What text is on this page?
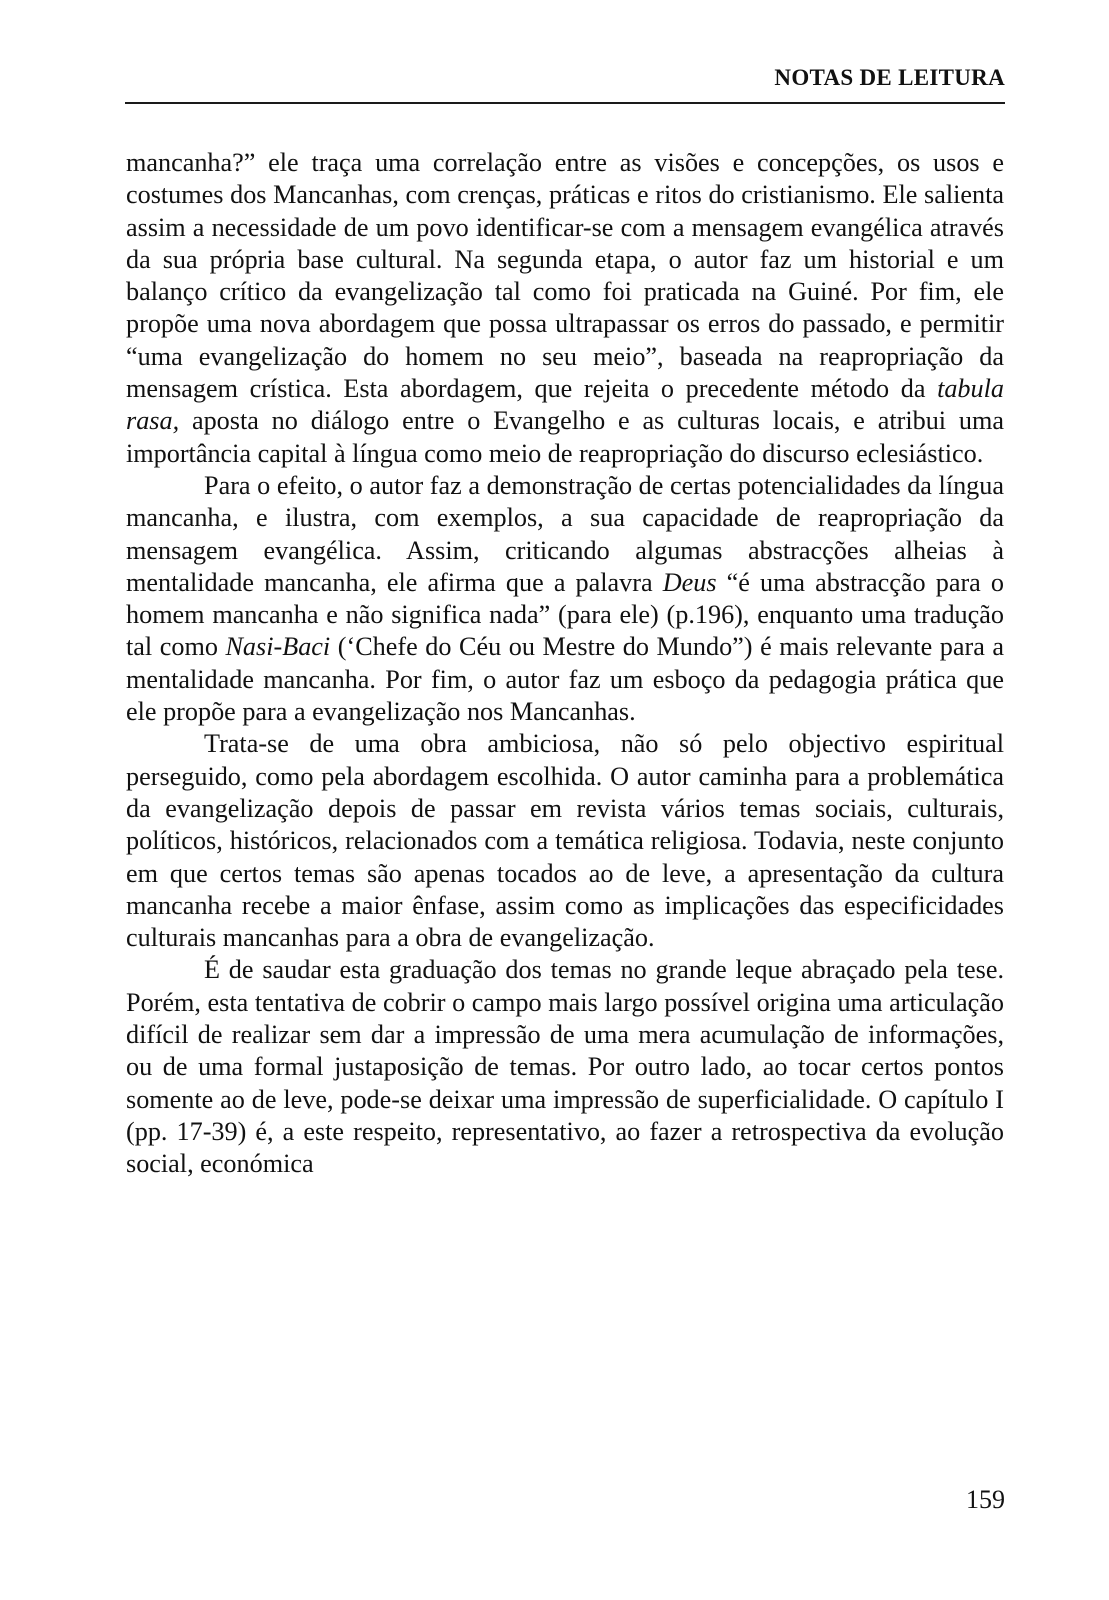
NOTAS DE LEITURA

mancanha?” ele traça uma correlação entre as visões e concepções, os usos e costumes dos Mancanhas, com crenças, práticas e ritos do cristianismo. Ele salienta assim a necessidade de um povo identificar-se com a mensagem evangélica através da sua própria base cultural. Na segunda etapa, o autor faz um historial e um balanço crítico da evangelização tal como foi praticada na Guiné. Por fim, ele propõe uma nova abordagem que possa ultrapassar os erros do passado, e permitir “uma evangelização do homem no seu meio”, baseada na reapropriação da mensagem crística. Esta abordagem, que rejeita o precedente método da tabula rasa, aposta no diálogo entre o Evangelho e as culturas locais, e atribui uma importância capital à língua como meio de reapropriação do discurso eclesiástico.

Para o efeito, o autor faz a demonstração de certas potencialidades da língua mancanha, e ilustra, com exemplos, a sua capacidade de reapropriação da mensagem evangélica. Assim, criticando algumas abstracções alheias à mentalidade mancanha, ele afirma que a palavra Deus “é uma abstracção para o homem mancanha e não significa nada” (para ele) (p.196), enquanto uma tradução tal como Nasi-Baci (‘Chefe do Céu ou Mestre do Mundo”) é mais relevante para a mentalidade mancanha. Por fim, o autor faz um esboço da pedagogia prática que ele propõe para a evangelização nos Mancanhas.

Trata-se de uma obra ambiciosa, não só pelo objectivo espiritual perseguido, como pela abordagem escolhida. O autor caminha para a problemática da evangelização depois de passar em revista vários temas sociais, culturais, políticos, históricos, relacionados com a temática religiosa. Todavia, neste conjunto em que certos temas são apenas tocados ao de leve, a apresentação da cultura mancanha recebe a maior ênfase, assim como as implicações das especificidades culturais mancanhas para a obra de evangelização.

É de saudar esta graduação dos temas no grande leque abraçado pela tese. Porém, esta tentativa de cobrir o campo mais largo possível origina uma articulação difícil de realizar sem dar a impressão de uma mera acumulação de informações, ou de uma formal justaposição de temas. Por outro lado, ao tocar certos pontos somente ao de leve, pode-se deixar uma impressão de superficialidade. O capítulo I (pp. 17-39) é, a este respeito, representativo, ao fazer a retrospectiva da evolução social, económica

159
